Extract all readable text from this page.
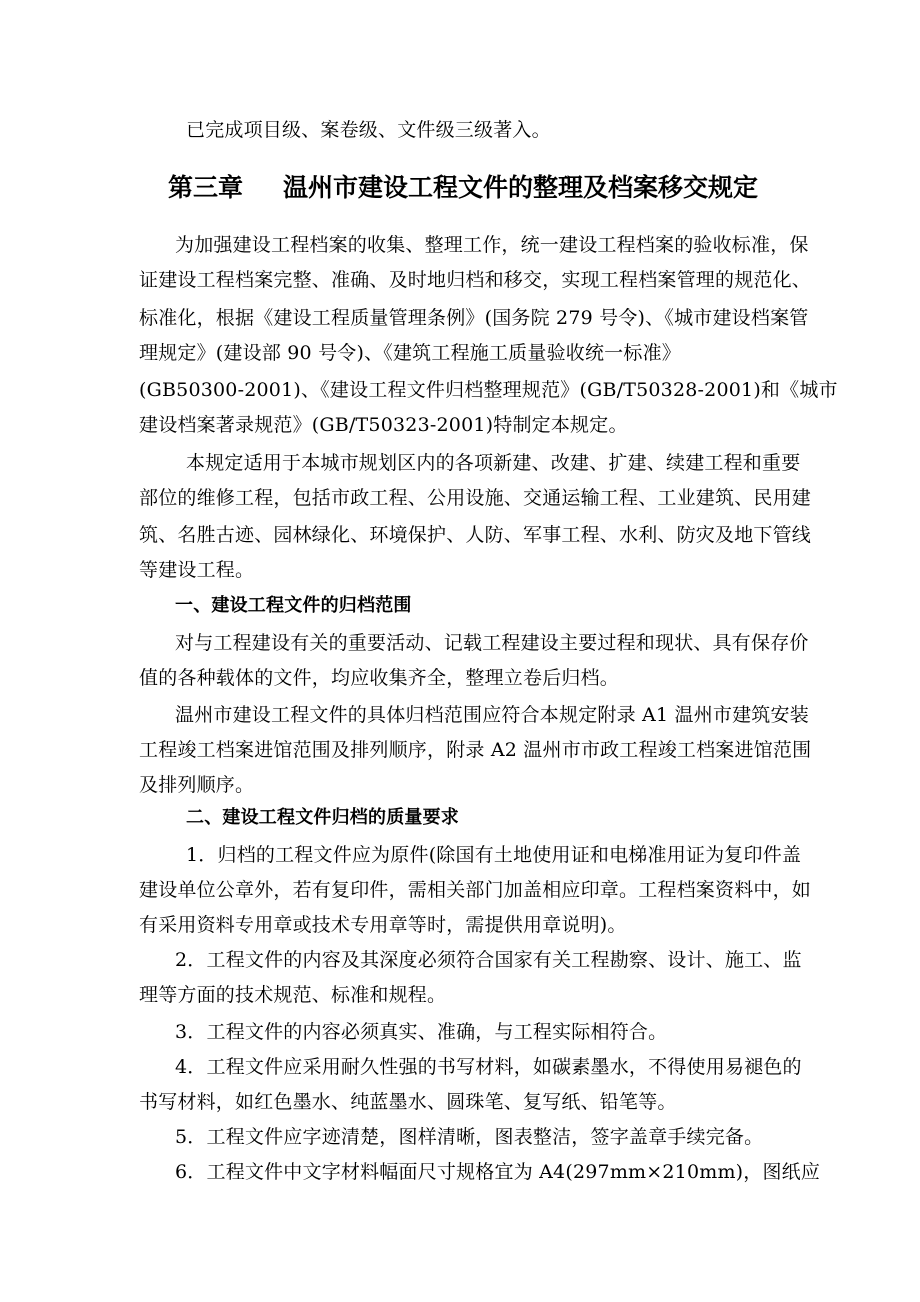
已完成项目级、案卷级、文件级三级著入。
第三章 温州市建设工程文件的整理及档案移交规定
为加强建设工程档案的收集、整理工作，统一建设工程档案的验收标准，保
证建设工程档案完整、准确、及时地归档和移交，实现工程档案管理的规范化、
标准化，根据《建设工程质量管理条例》(国务院 279 号令)、《城市建设档案管
理规定》(建设部 90 号令)、《建筑工程施工质量验收统一标准》
(GB50300-2001)、《建设工程文件归档整理规范》(GB/T50328-2001)和《城市
建设档案著录规范》(GB/T50323-2001)特制定本规定。
本规定适用于本城市规划区内的各项新建、改建、扩建、续建工程和重要
部位的维修工程，包括市政工程、公用设施、交通运输工程、工业建筑、民用建
筑、名胜古迹、园林绿化、环境保护、人防、军事工程、水利、防灾及地下管线
等建设工程。
一、建设工程文件的归档范围
对与工程建设有关的重要活动、记载工程建设主要过程和现状、具有保存价
值的各种载体的文件，均应收集齐全，整理立卷后归档。
温州市建设工程文件的具体归档范围应符合本规定附录 A1 温州市建筑安装
工程竣工档案进馆范围及排列顺序，附录 A2 温州市市政工程竣工档案进馆范围
及排列顺序。
二、建设工程文件归档的质量要求
1．归档的工程文件应为原件(除国有土地使用证和电梯准用证为复印件盖
建设单位公章外，若有复印件，需相关部门加盖相应印章。工程档案资料中，如
有采用资料专用章或技术专用章等时，需提供用章说明)。
2．工程文件的内容及其深度必须符合国家有关工程勘察、设计、施工、监
理等方面的技术规范、标准和规程。
3．工程文件的内容必须真实、准确，与工程实际相符合。
4．工程文件应采用耐久性强的书写材料，如碳素墨水，不得使用易褪色的
书写材料，如红色墨水、纯蓝墨水、圆珠笔、复写纸、铅笔等。
5．工程文件应字迹清楚，图样清晰，图表整洁，签字盖章手续完备。
6．工程文件中文字材料幅面尺寸规格宜为 A4(297mm×210mm)，图纸应
